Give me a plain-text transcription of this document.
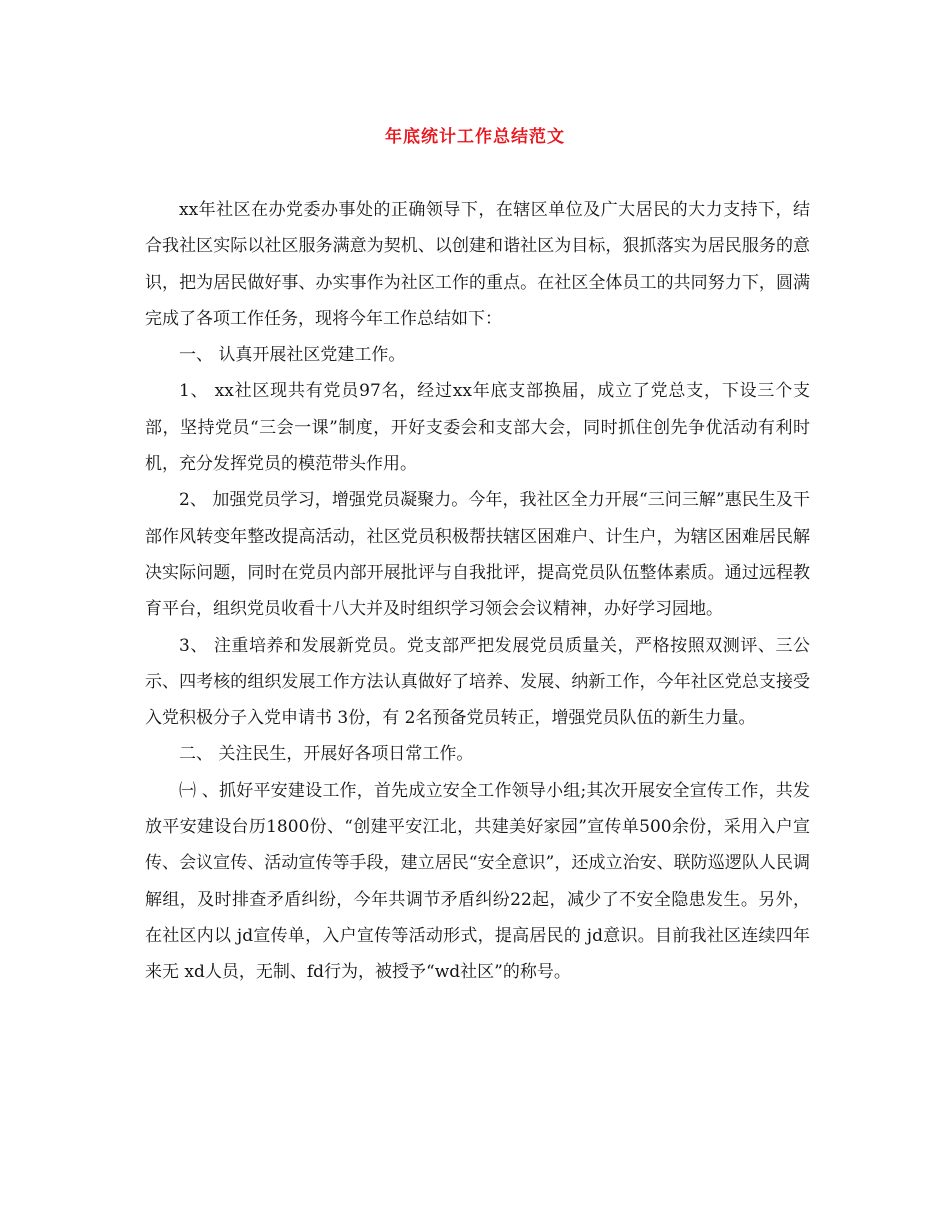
年底统计工作总结范文

xx年社区在办党委办事处的正确领导下，在辖区单位及广大居民的大力支持下，结合我社区实际以社区服务满意为契机、以创建和谐社区为目标，狠抓落实为居民服务的意识，把为居民做好事、办实事作为社区工作的重点。在社区全体员工的共同努力下，圆满完成了各项工作任务，现将今年工作总结如下：

一、 认真开展社区党建工作。

1、 xx社区现共有党员97名，经过xx年底支部换届，成立了党总支，下设三个支部，坚持党员“三会一课”制度，开好支委会和支部大会，同时抓住创先争优活动有利时机，充分发挥党员的模范带头作用。

2、 加强党员学习，增强党员凝聚力。今年，我社区全力开展“三问三解”惠民生及干部作风转变年整改提高活动，社区党员积极帮扶辖区困难户、计生户，为辖区困难居民解决实际问题，同时在党员内部开展批评与自我批评，提高党员队伍整体素质。通过远程教育平台，组织党员收看十八大并及时组织学习领会会议精神，办好学习园地。

3、 注重培养和发展新党员。党支部严把发展党员质量关，严格按照双测评、三公示、四考核的组织发展工作方法认真做好了培养、发展、纳新工作，今年社区党总支接受入党积极分子入党申请书 3份，有 2名预备党员转正，增强党员队伍的新生力量。

二、 关注民生，开展好各项日常工作。

㈠ 、抓好平安建设工作，首先成立安全工作领导小组;其次开展安全宣传工作，共发放平安建设台历1800份、“创建平安江北，共建美好家园”宣传单500余份，采用入户宣传、会议宣传、活动宣传等手段，建立居民“安全意识”，还成立治安、联防巡逻队人民调解组，及时排查矛盾纠纷，今年共调节矛盾纠纷22起，减少了不安全隐患发生。另外，在社区内以 jd宣传单，入户宣传等活动形式，提高居民的 jd意识。目前我社区连续四年来无 xd人员，无制、fd行为，被授予“wd社区”的称号。
